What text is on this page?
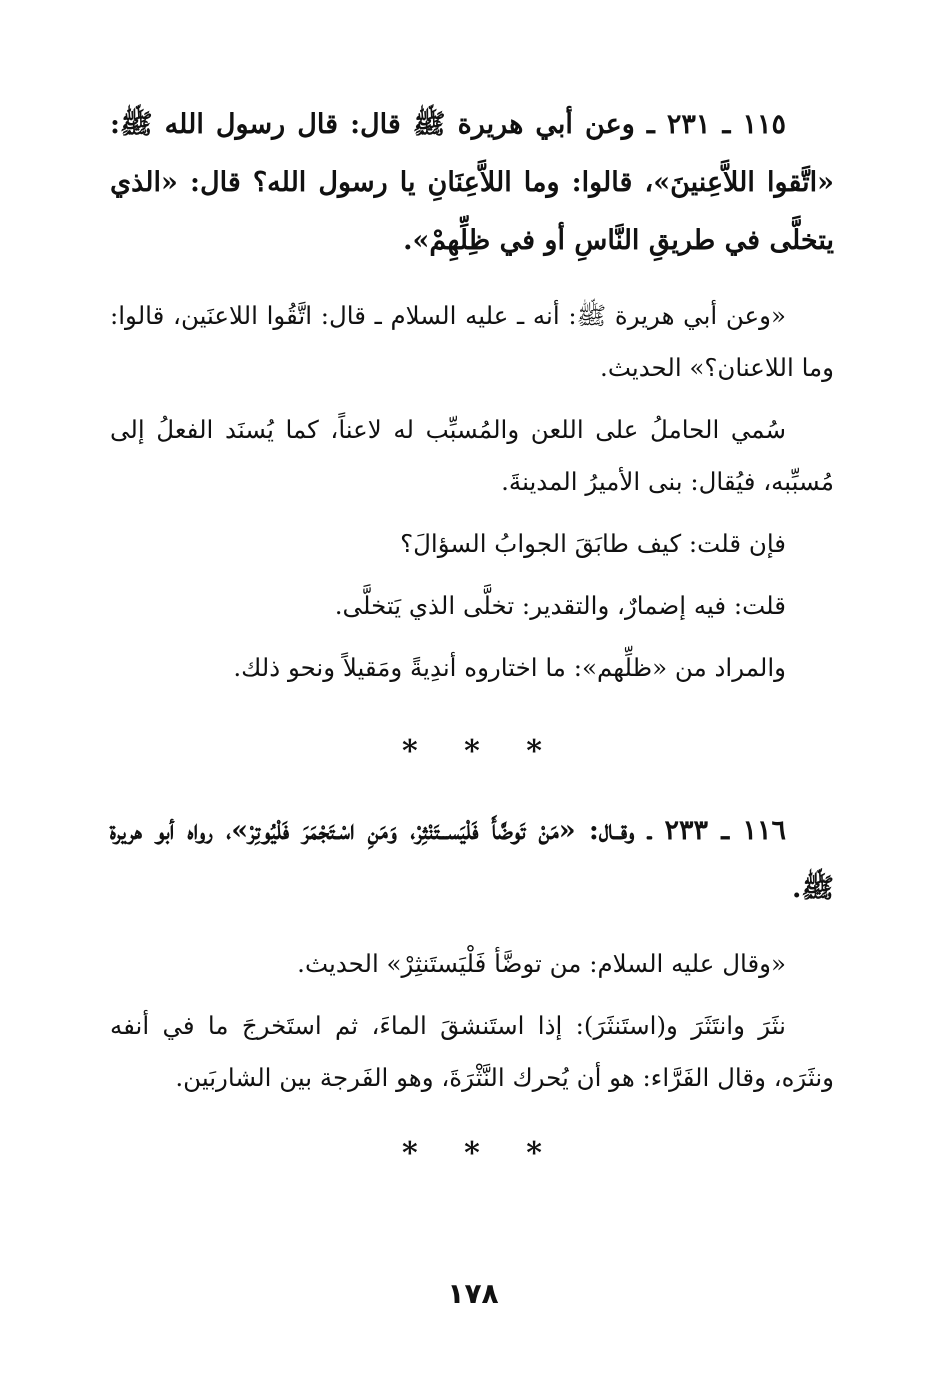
١١٥ ـ ٢٣١ ـ وعن أبي هريرة ﷺ قال: قال رسول الله ﷺ: «اتَّقوا اللاَّعِنينَ»، قالوا: وما اللاَّعِنَانِ يا رسول الله؟ قال: «الذي يتخلَّى في طريقِ النَّاسِ أو في ظِلِّهِمْ».

«وعن أبي هريرة ﷺ: أنه ـ عليه السلام ـ قال: اتَّقُوا اللاعنَين، قالوا: وما اللاعنان؟» الحديث.

سُمي الحاملُ على اللعن والمُسبِّب له لاعناً، كما يُسنَد الفعلُ إلى مُسبِّبه، فيُقال: بنى الأميرُ المدينةَ.

فإن قلت: كيف طابَقَ الجوابُ السؤالَ؟

قلت: فيه إضمارٌ، والتقدير: تخلَّى الذي يَتخلَّى.

والمراد من «ظلِّهم»: ما اختاروه أندِيةً ومَقيلاً ونحو ذلك.

* * *

١١٦ ـ ٢٣٣ ـ وقــال: «مَنْ تَوضَّأَ فَلْيَســتَنْثِرْ، وَمَنِ اسْـتَجْمَرَ فَلْيُوتِرْ»، رواه أبو هريرة ﷺ.

«وقال عليه السلام: من توضَّأ فَلْيَستَنثِرْ» الحديث.

نثَرَ وانتَثَرَ و(استَنثَرَ): إذا استَنشقَ الماءَ، ثم استَخرجَ ما في أنفه ونثَرَه، وقال الفَرَّاء: هو أن يُحرك النَّثْرَةَ، وهو الفَرجة بين الشاربَين.

* * *
١٧٨
